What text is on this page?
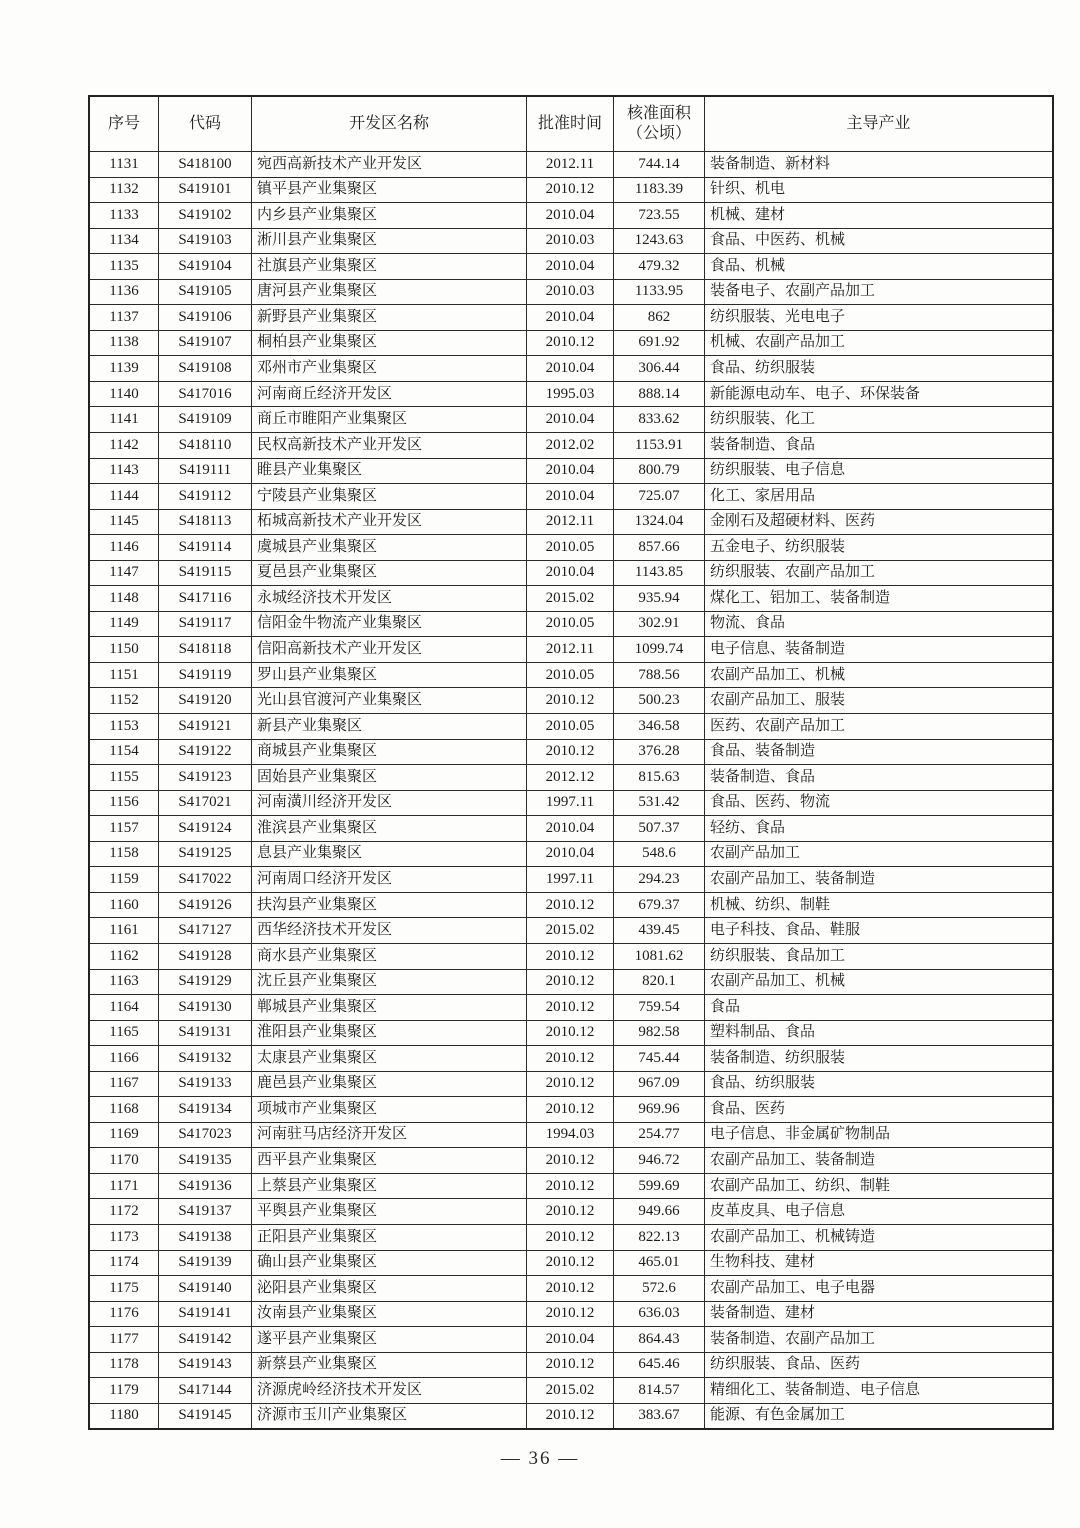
序号	代码	开发区名称	批准时间	核准面积（公顷）	主导产业
1131	S418100	宛西高新技术产业开发区	2012.11	744.14	装备制造、新材料
1132	S419101	镇平县产业集聚区	2010.12	1183.39	针织、机电
1133	S419102	内乡县产业集聚区	2010.04	723.55	机械、建材
1134	S419103	淅川县产业集聚区	2010.03	1243.63	食品、中医药、机械
1135	S419104	社旗县产业集聚区	2010.04	479.32	食品、机械
1136	S419105	唐河县产业集聚区	2010.03	1133.95	装备电子、农副产品加工
1137	S419106	新野县产业集聚区	2010.04	862	纺织服装、光电电子
1138	S419107	桐柏县产业集聚区	2010.12	691.92	机械、农副产品加工
1139	S419108	邓州市产业集聚区	2010.04	306.44	食品、纺织服装
1140	S417016	河南商丘经济开发区	1995.03	888.14	新能源电动车、电子、环保装备
1141	S419109	商丘市睢阳产业集聚区	2010.04	833.62	纺织服装、化工
1142	S418110	民权高新技术产业开发区	2012.02	1153.91	装备制造、食品
1143	S419111	睢县产业集聚区	2010.04	800.79	纺织服装、电子信息
1144	S419112	宁陵县产业集聚区	2010.04	725.07	化工、家居用品
1145	S418113	柘城高新技术产业开发区	2012.11	1324.04	金刚石及超硬材料、医药
1146	S419114	虞城县产业集聚区	2010.05	857.66	五金电子、纺织服装
1147	S419115	夏邑县产业集聚区	2010.04	1143.85	纺织服装、农副产品加工
1148	S417116	永城经济技术开发区	2015.02	935.94	煤化工、铝加工、装备制造
1149	S419117	信阳金牛物流产业集聚区	2010.05	302.91	物流、食品
1150	S418118	信阳高新技术产业开发区	2012.11	1099.74	电子信息、装备制造
1151	S419119	罗山县产业集聚区	2010.05	788.56	农副产品加工、机械
1152	S419120	光山县官渡河产业集聚区	2010.12	500.23	农副产品加工、服装
1153	S419121	新县产业集聚区	2010.05	346.58	医药、农副产品加工
1154	S419122	商城县产业集聚区	2010.12	376.28	食品、装备制造
1155	S419123	固始县产业集聚区	2012.12	815.63	装备制造、食品
1156	S417021	河南潢川经济开发区	1997.11	531.42	食品、医药、物流
1157	S419124	淮滨县产业集聚区	2010.04	507.37	轻纺、食品
1158	S419125	息县产业集聚区	2010.04	548.6	农副产品加工
1159	S417022	河南周口经济开发区	1997.11	294.23	农副产品加工、装备制造
1160	S419126	扶沟县产业集聚区	2010.12	679.37	机械、纺织、制鞋
1161	S417127	西华经济技术开发区	2015.02	439.45	电子科技、食品、鞋服
1162	S419128	商水县产业集聚区	2010.12	1081.62	纺织服装、食品加工
1163	S419129	沈丘县产业集聚区	2010.12	820.1	农副产品加工、机械
1164	S419130	郸城县产业集聚区	2010.12	759.54	食品
1165	S419131	淮阳县产业集聚区	2010.12	982.58	塑料制品、食品
1166	S419132	太康县产业集聚区	2010.12	745.44	装备制造、纺织服装
1167	S419133	鹿邑县产业集聚区	2010.12	967.09	食品、纺织服装
1168	S419134	项城市产业集聚区	2010.12	969.96	食品、医药
1169	S417023	河南驻马店经济开发区	1994.03	254.77	电子信息、非金属矿物制品
1170	S419135	西平县产业集聚区	2010.12	946.72	农副产品加工、装备制造
1171	S419136	上蔡县产业集聚区	2010.12	599.69	农副产品加工、纺织、制鞋
1172	S419137	平舆县产业集聚区	2010.12	949.66	皮革皮具、电子信息
1173	S419138	正阳县产业集聚区	2010.12	822.13	农副产品加工、机械铸造
1174	S419139	确山县产业集聚区	2010.12	465.01	生物科技、建材
1175	S419140	泌阳县产业集聚区	2010.12	572.6	农副产品加工、电子电器
1176	S419141	汝南县产业集聚区	2010.12	636.03	装备制造、建材
1177	S419142	遂平县产业集聚区	2010.04	864.43	装备制造、农副产品加工
1178	S419143	新蔡县产业集聚区	2010.12	645.46	纺织服装、食品、医药
1179	S417144	济源虎岭经济技术开发区	2015.02	814.57	精细化工、装备制造、电子信息
1180	S419145	济源市玉川产业集聚区	2010.12	383.67	能源、有色金属加工
— 36 —
